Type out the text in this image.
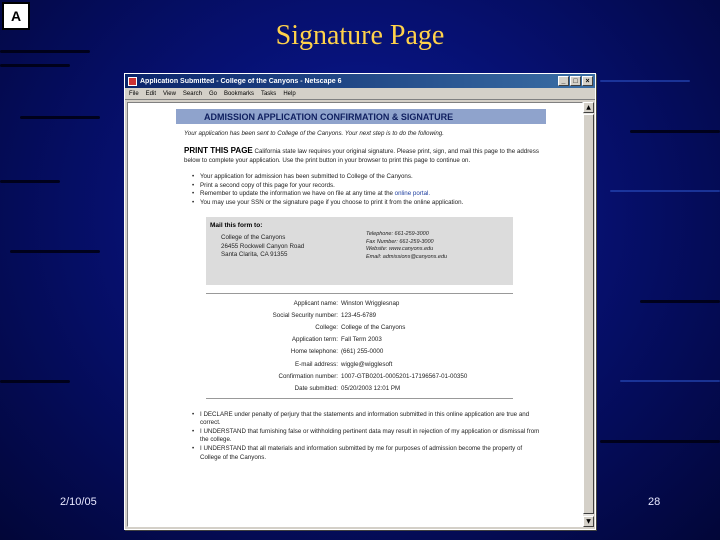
A
Signature Page
2/10/05	28
Application Submitted - College of the Canyons - Netscape 6	_	□	×
File Edit View Search Go Bookmarks Tasks Help
ADMISSION APPLICATION CONFIRMATION & SIGNATURE
Your application has been sent to College of the Canyons. Your next step is to do the following.
PRINT THIS PAGE California state law requires your original signature. Please print, sign, and mail this page to the address below to complete your application. Use the print button in your browser to print this page to continue on.
• Your application for admission has been submitted to College of the Canyons.
• Print a second copy of this page for your records.
• Remember to update the information we have on file at any time at the online portal.
• You may use your SSN or the signature page if you choose to print it from the online application.
Mail this form to:
College of the Canyons
26455 Rockwell Canyon Road
Santa Clarita, CA 91355
Telephone: 661-259-3000
Fax Number: 661-259-3000
Website: www.canyons.edu
Email: admissions@canyons.edu
Applicant name: Winston Wrigglesnap
Social Security number: 123-45-6789
College: College of the Canyons
Application term: Fall Term 2003
Home telephone: (661) 255-0000
E-mail address: wiggle@wigglesoft
Confirmation number: 1007-GTB0201-0005201-17196567-01-00350
Date submitted: 05/20/2003 12:01 PM
• I DECLARE under penalty of perjury that the statements and information submitted in this online application are true and correct.
• I UNDERSTAND that furnishing false or withholding pertinent data may result in rejection of my application or dismissal from the college.
• I UNDERSTAND that all materials and information submitted by me for purposes of admission become the property of College of the Canyons.
▲
▼
